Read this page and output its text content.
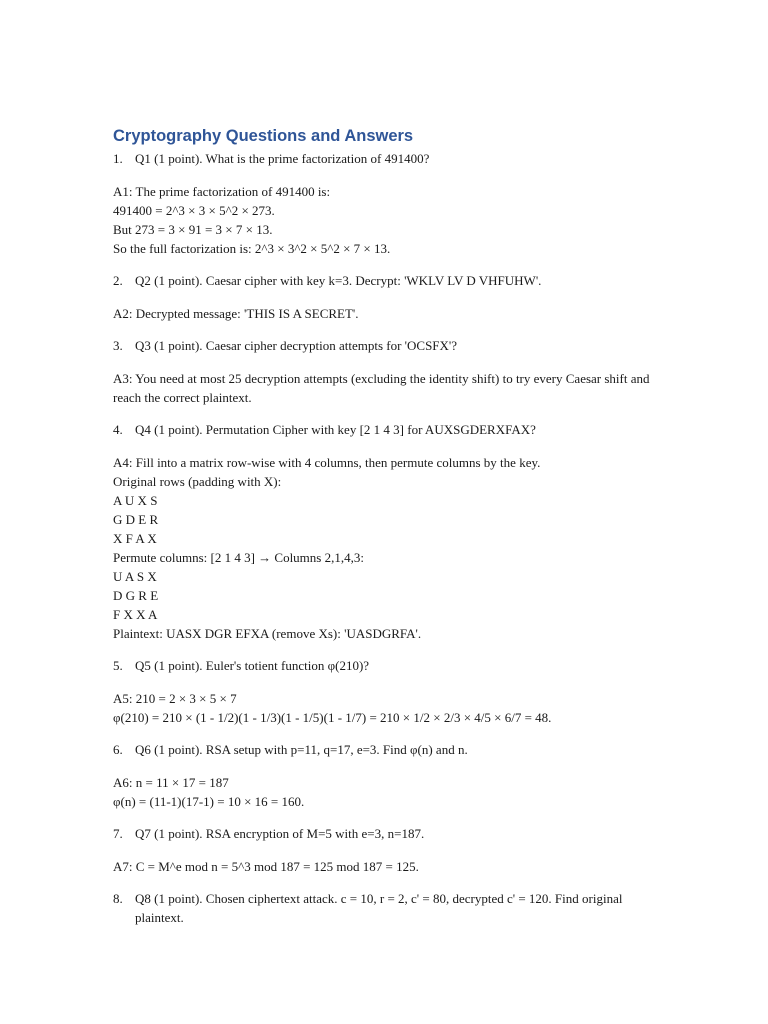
Cryptography Questions and Answers
1. Q1 (1 point). What is the prime factorization of 491400?
A1: The prime factorization of 491400 is:
491400 = 2^3 × 3 × 5^2 × 273.
But 273 = 3 × 91 = 3 × 7 × 13.
So the full factorization is: 2^3 × 3^2 × 5^2 × 7 × 13.
2. Q2 (1 point). Caesar cipher with key k=3. Decrypt: 'WKLV LV D VHFUHW'.
A2: Decrypted message: 'THIS IS A SECRET'.
3. Q3 (1 point). Caesar cipher decryption attempts for 'OCSFX'?
A3: You need at most 25 decryption attempts (excluding the identity shift) to try every Caesar shift and reach the correct plaintext.
4. Q4 (1 point). Permutation Cipher with key [2 1 4 3] for AUXSGDERXFAX?
A4: Fill into a matrix row-wise with 4 columns, then permute columns by the key.
Original rows (padding with X):
A U X S
G D E R
X F A X
Permute columns: [2 1 4 3] → Columns 2,1,4,3:
U A S X
D G R E
F X X A
Plaintext: UASX DGR EFXA (remove Xs): 'UASDGRFA'.
5. Q5 (1 point). Euler's totient function φ(210)?
A5: 210 = 2 × 3 × 5 × 7
φ(210) = 210 × (1 - 1/2)(1 - 1/3)(1 - 1/5)(1 - 1/7) = 210 × 1/2 × 2/3 × 4/5 × 6/7 = 48.
6. Q6 (1 point). RSA setup with p=11, q=17, e=3. Find φ(n) and n.
A6: n = 11 × 17 = 187
φ(n) = (11-1)(17-1) = 10 × 16 = 160.
7. Q7 (1 point). RSA encryption of M=5 with e=3, n=187.
A7: C = M^e mod n = 5^3 mod 187 = 125 mod 187 = 125.
8. Q8 (1 point). Chosen ciphertext attack. c = 10, r = 2, c' = 80, decrypted c' = 120. Find original plaintext.
